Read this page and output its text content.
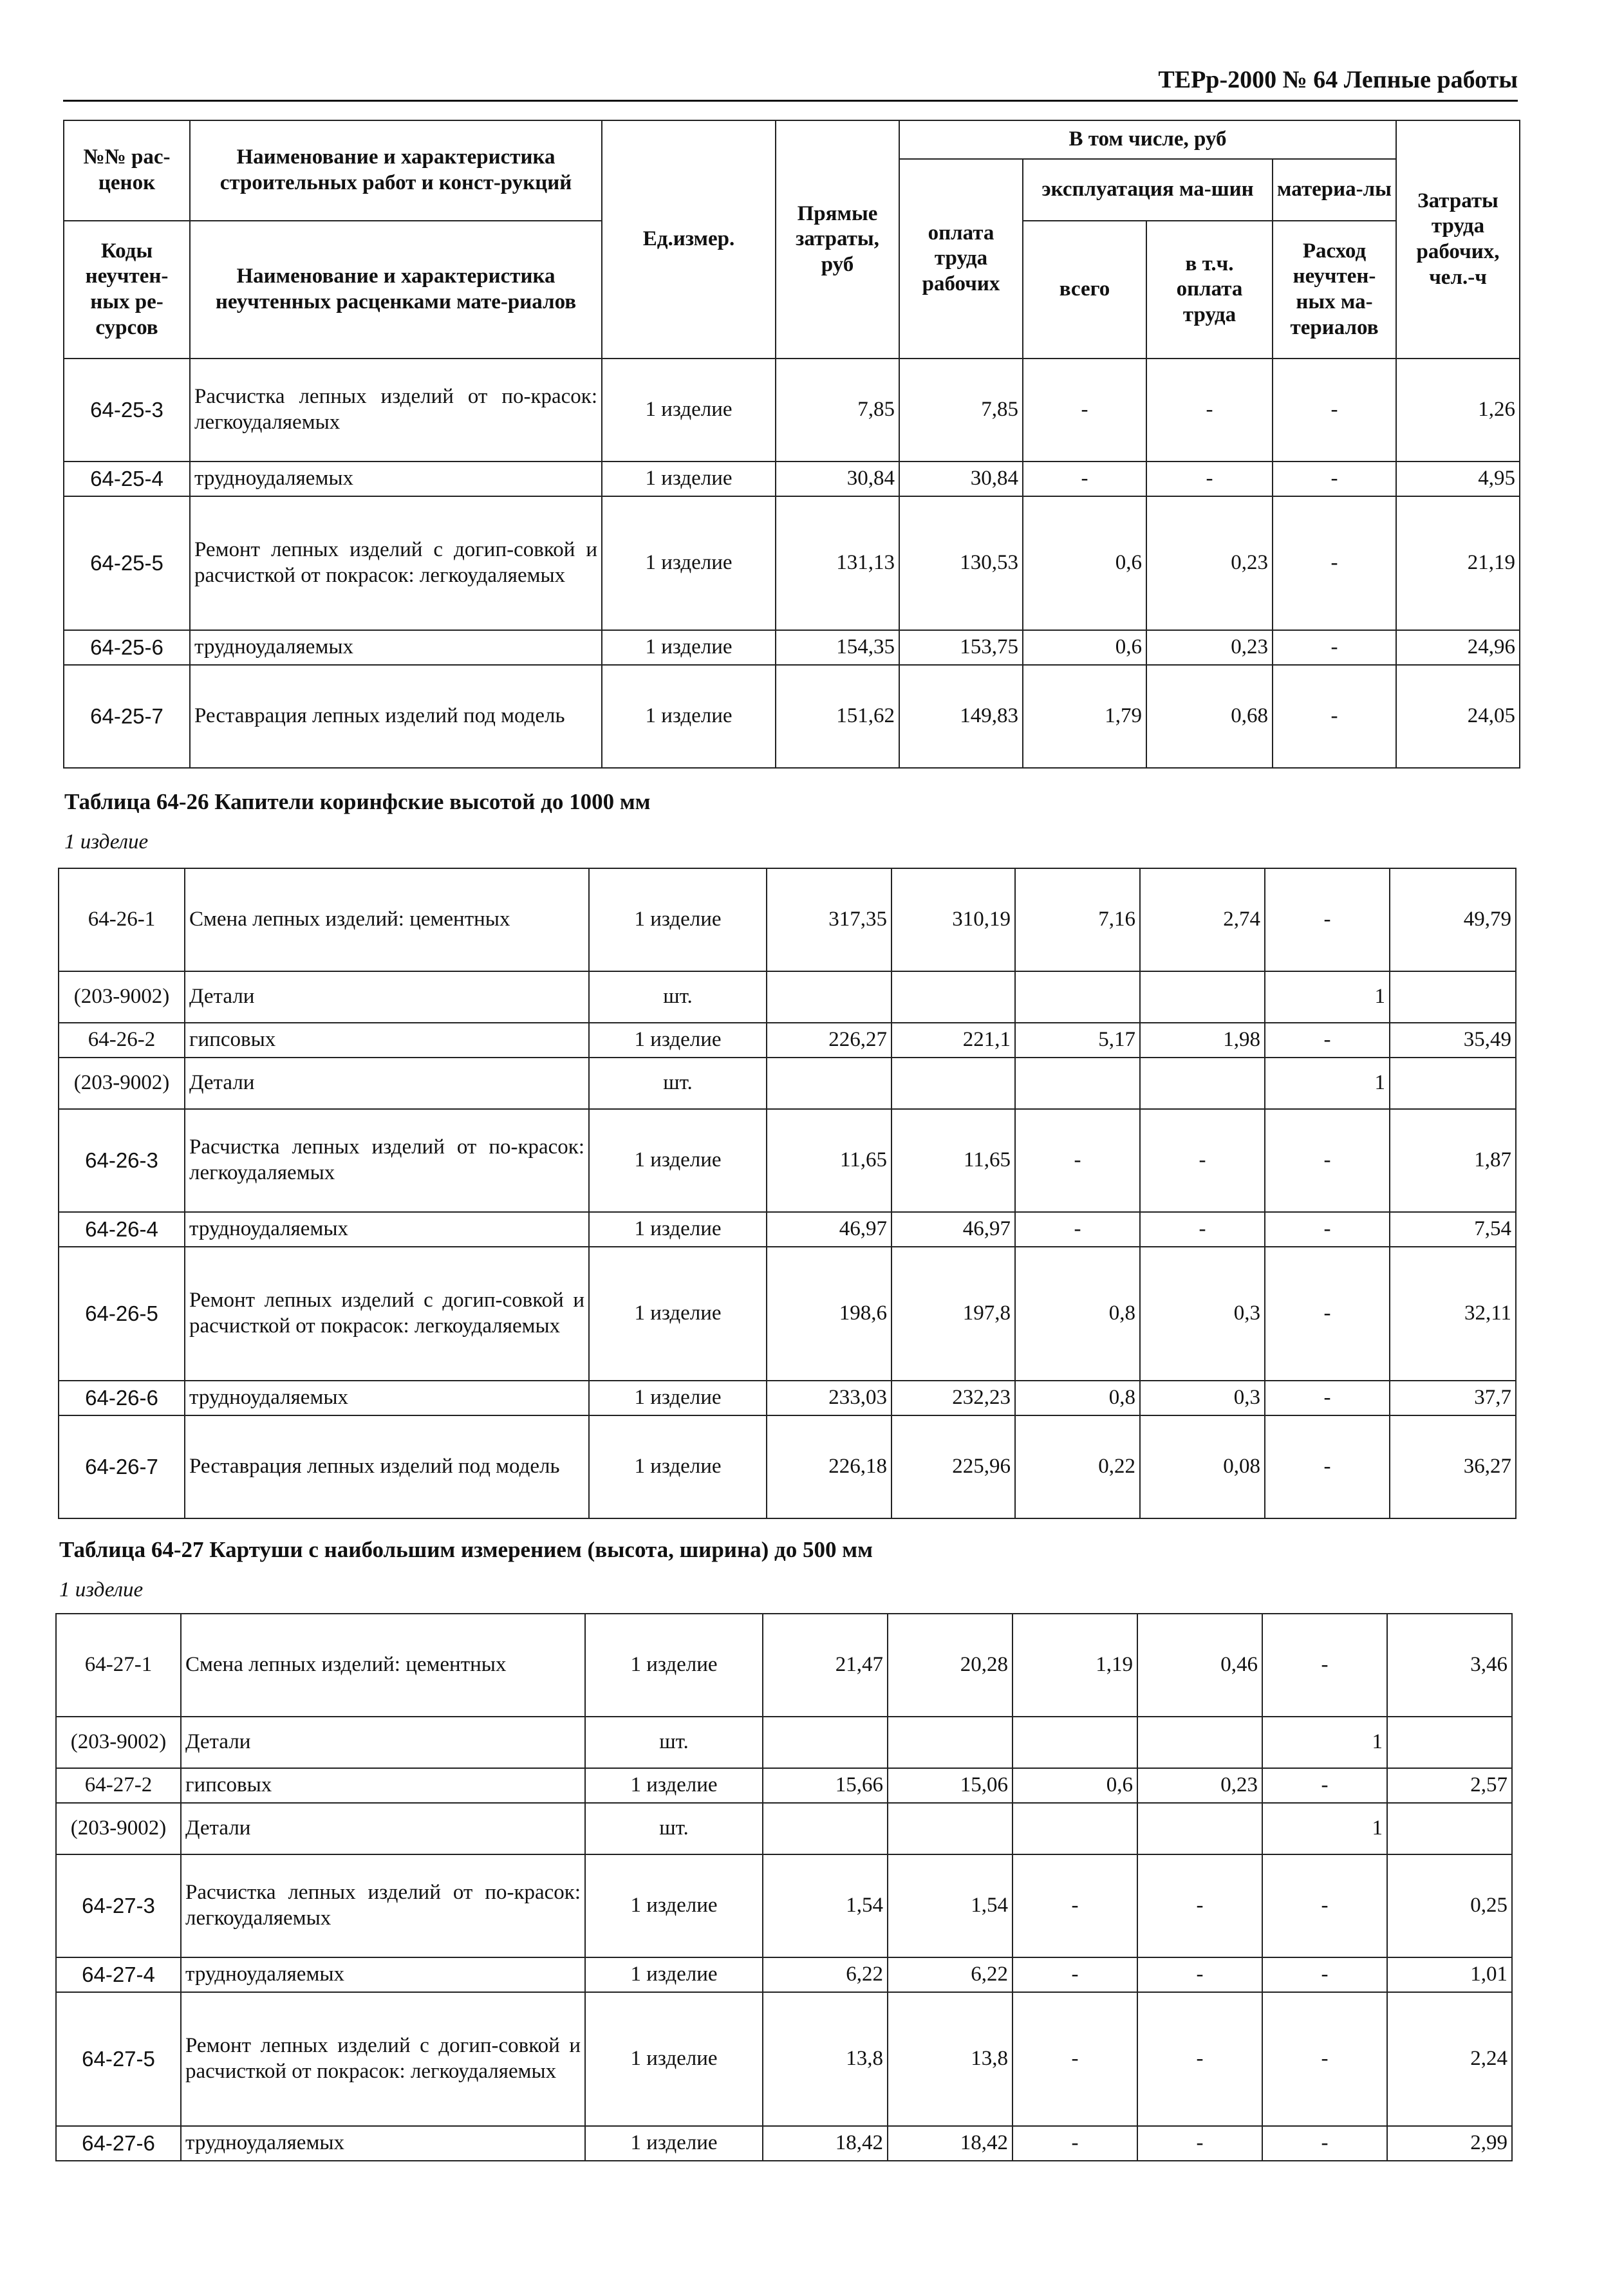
ТЕРр-2000 № 64 Лепные работы
№№ рас-ценок	Наименование и характеристика строительных работ и конст-рукций	Ед.измер.	Прямые затраты, руб	В том числе, руб				Затраты труда рабочих, чел.-ч
				оплата труда рабочих	эксплуатация ма-шин		материа-лы	
Коды неучтен-ных ре-сурсов	Наименование и характеристика неучтенных расценками мате-риалов				всего	в т.ч. оплата труда	Расход неучтен-ных ма-териалов	

64-25-3	Расчистка лепных изделий от по-красок: легкоудаляемых	1 изделие	7,85	7,85	-	-	-	1,26
64-25-4	трудноудаляемых	1 изделие	30,84	30,84	-	-	-	4,95
64-25-5	Ремонт лепных изделий с догип-совкой и расчисткой от покрасок: легкоудаляемых	1 изделие	131,13	130,53	0,6	0,23	-	21,19
64-25-6	трудноудаляемых	1 изделие	154,35	153,75	0,6	0,23	-	24,96
64-25-7	Реставрация лепных изделий под модель	1 изделие	151,62	149,83	1,79	0,68	-	24,05
Таблица 64-26 Капители коринфские высотой до 1000 мм
1 изделие
64-26-1	Смена лепных изделий: цементных	1 изделие	317,35	310,19	7,16	2,74	-	49,79
(203-9002)	Детали	шт.					1	
64-26-2	гипсовых	1 изделие	226,27	221,1	5,17	1,98	-	35,49
(203-9002)	Детали	шт.					1	
64-26-3	Расчистка лепных изделий от по-красок: легкоудаляемых	1 изделие	11,65	11,65	-	-	-	1,87
64-26-4	трудноудаляемых	1 изделие	46,97	46,97	-	-	-	7,54
64-26-5	Ремонт лепных изделий с догип-совкой и расчисткой от покрасок: легкоудаляемых	1 изделие	198,6	197,8	0,8	0,3	-	32,11
64-26-6	трудноудаляемых	1 изделие	233,03	232,23	0,8	0,3	-	37,7
64-26-7	Реставрация лепных изделий под модель	1 изделие	226,18	225,96	0,22	0,08	-	36,27
Таблица 64-27 Картуши с наибольшим измерением (высота, ширина) до 500 мм
1 изделие
64-27-1	Смена лепных изделий: цементных	1 изделие	21,47	20,28	1,19	0,46	-	3,46
(203-9002)	Детали	шт.					1	
64-27-2	гипсовых	1 изделие	15,66	15,06	0,6	0,23	-	2,57
(203-9002)	Детали	шт.					1	
64-27-3	Расчистка лепных изделий от по-красок: легкоудаляемых	1 изделие	1,54	1,54	-	-	-	0,25
64-27-4	трудноудаляемых	1 изделие	6,22	6,22	-	-	-	1,01
64-27-5	Ремонт лепных изделий с догип-совкой и расчисткой от покрасок: легкоудаляемых	1 изделие	13,8	13,8	-	-	-	2,24
64-27-6	трудноудаляемых	1 изделие	18,42	18,42	-	-	-	2,99
